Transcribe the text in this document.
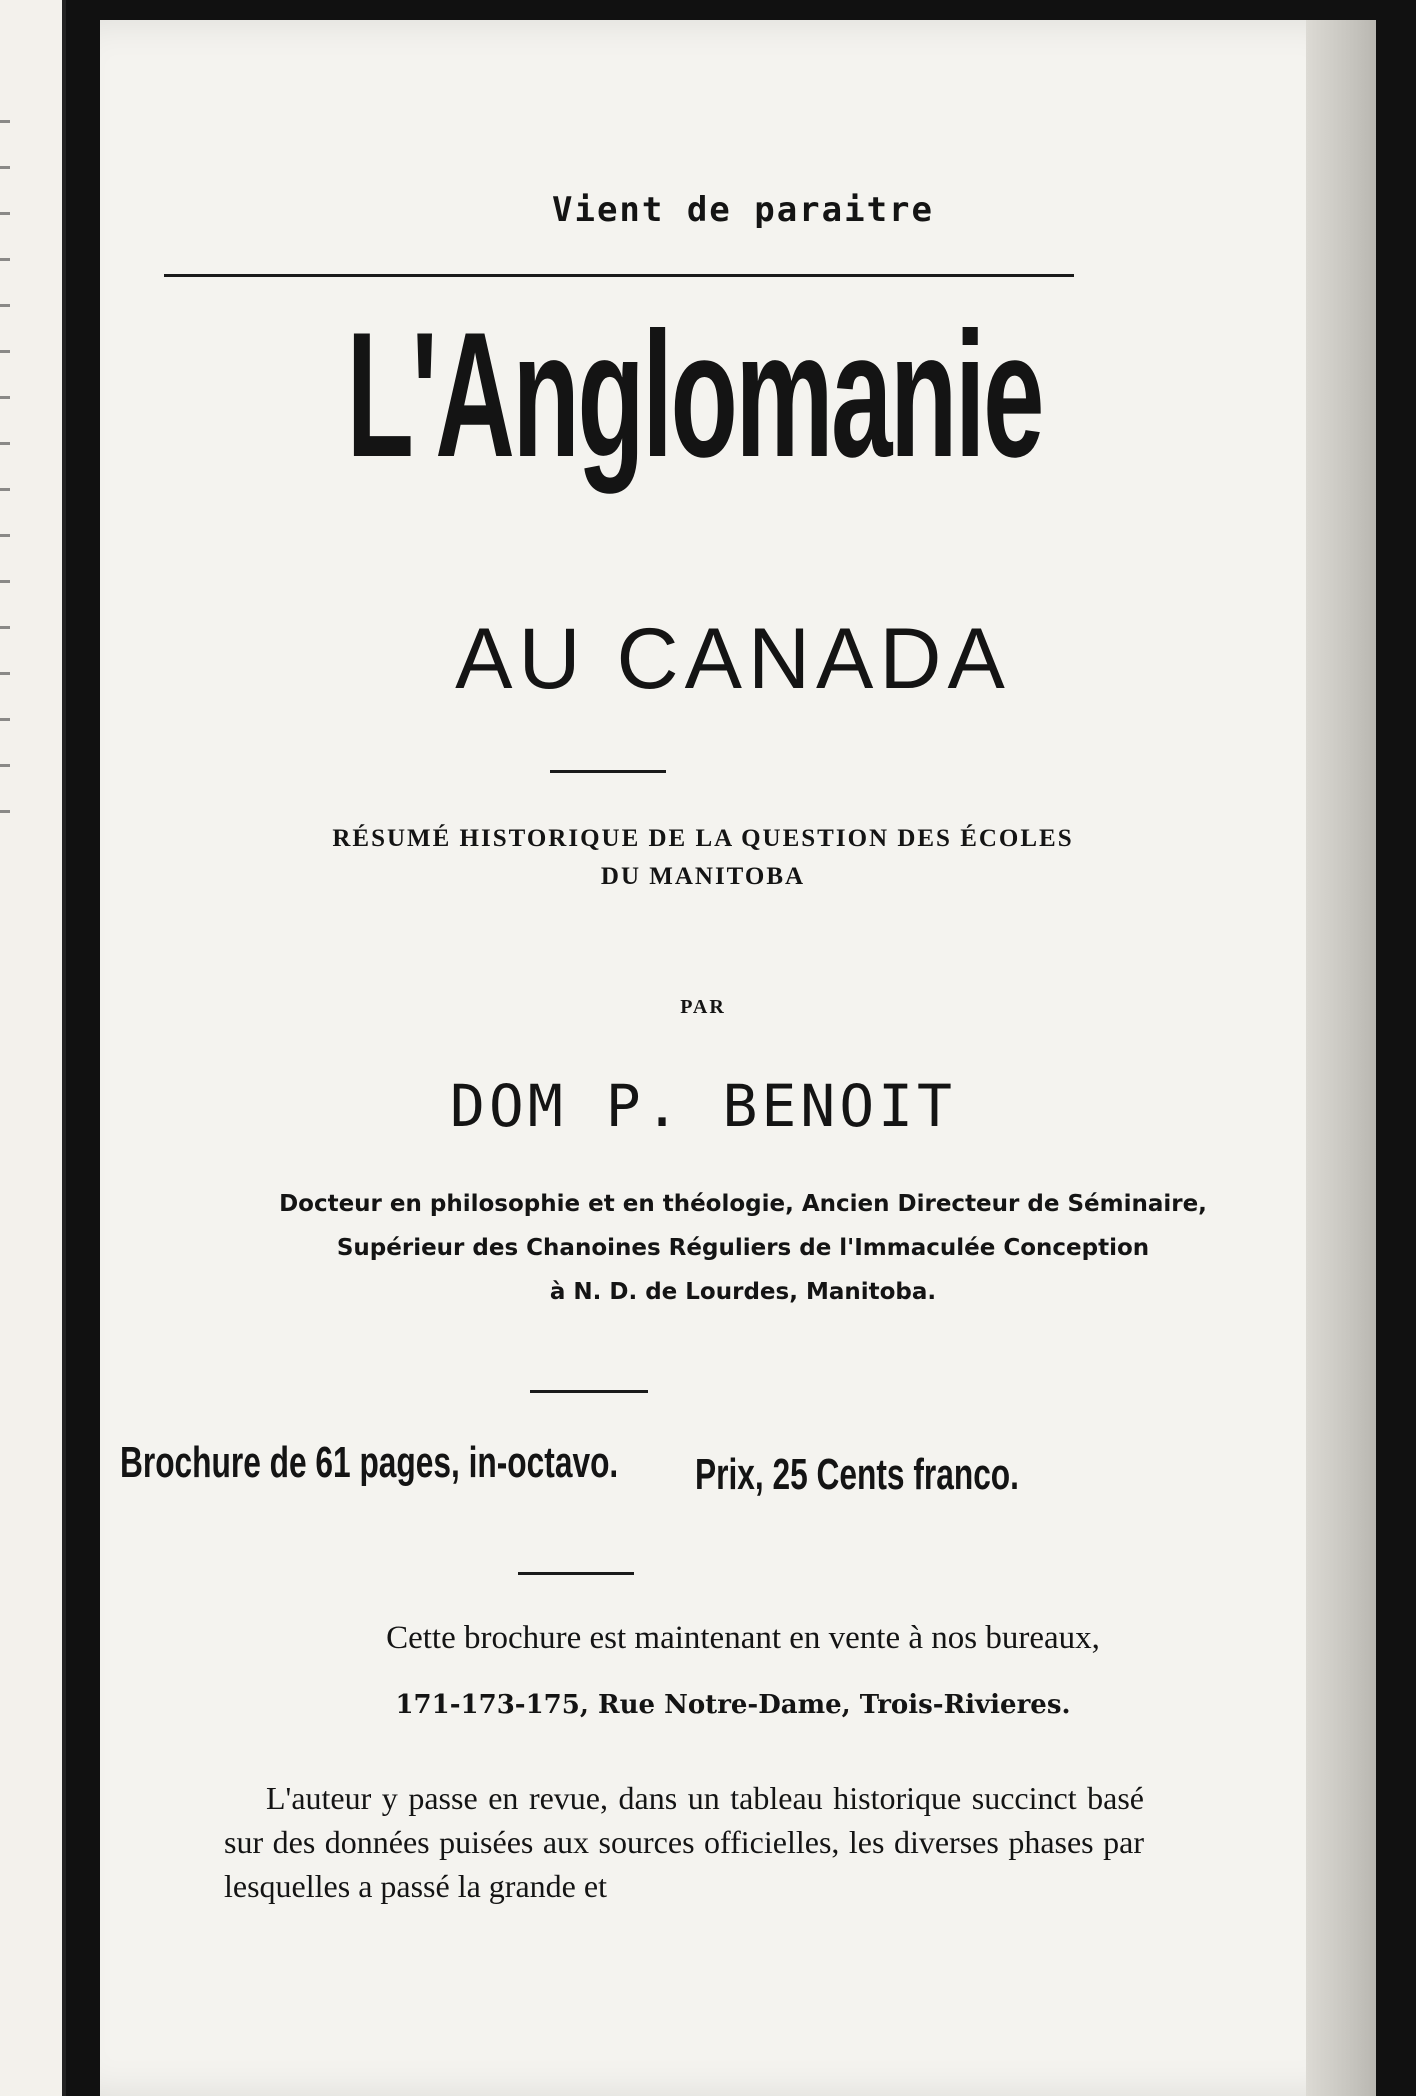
Vient de paraitre
L'Anglomanie
AU CANADA
RÉSUMÉ HISTORIQUE DE LA QUESTION DES ÉCOLES
DU MANITOBA
PAR
DOM P. BENOIT
Docteur en philosophie et en théologie, Ancien Directeur de Séminaire,
Supérieur des Chanoines Réguliers de l'Immaculée Conception
à N. D. de Lourdes, Manitoba.
Brochure de 61 pages, in-octavo. Prix, 25 Cents franco.
Cette brochure est maintenant en vente à nos bureaux,
171-173-175, Rue Notre-Dame, Trois-Rivieres.
L'auteur y passe en revue, dans un tableau historique succinct basé sur des données puisées aux sources officielles, les diverses phases par lesquelles a passé la grande et
